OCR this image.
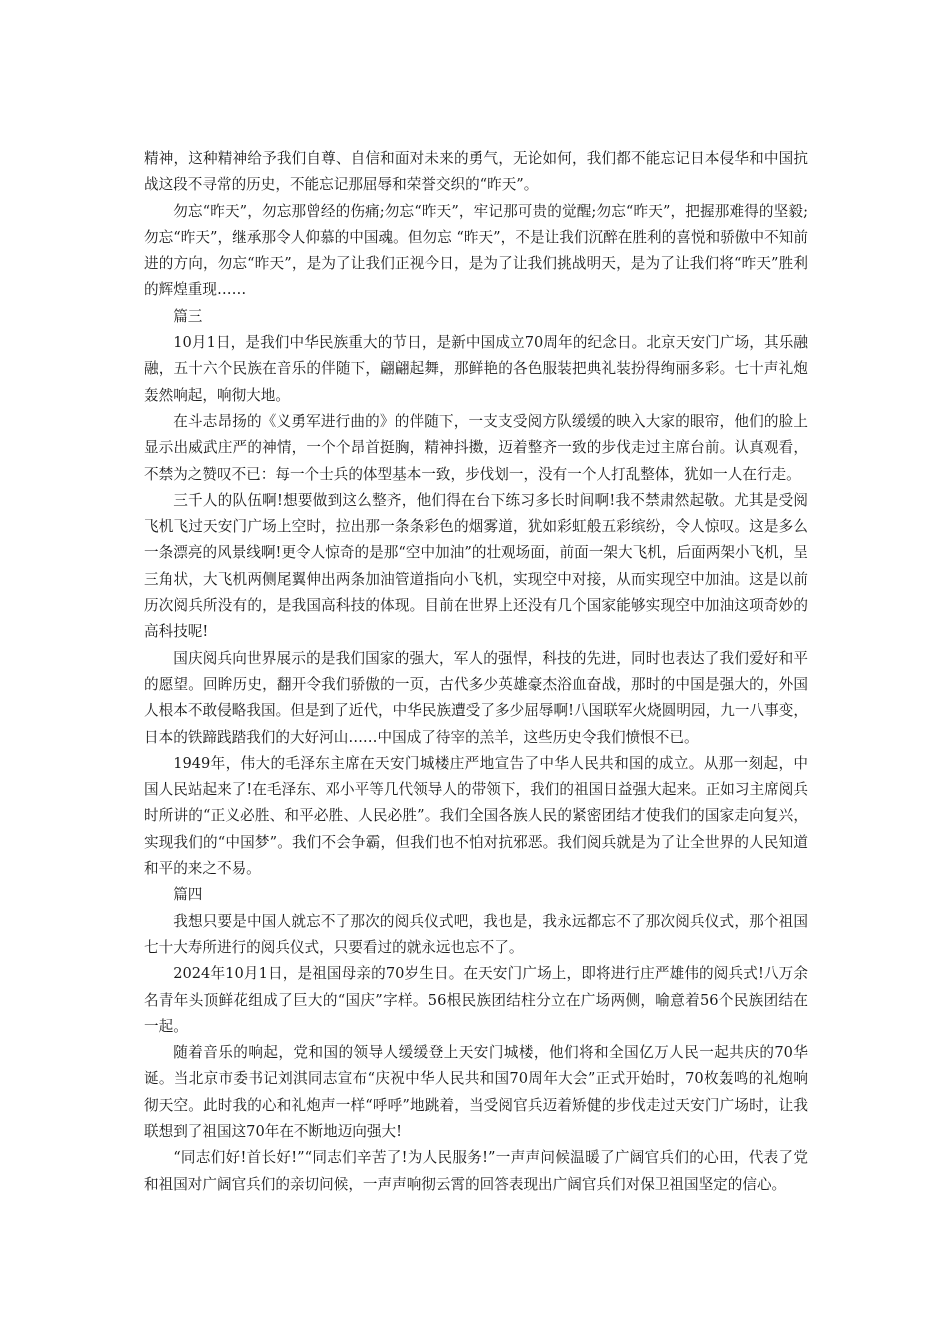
精神，这种精神给予我们自尊、自信和面对未来的勇气，无论如何，我们都不能忘记日本侵华和中国抗战这段不寻常的历史，不能忘记那屈辱和荣誉交织的“昨天”。

勿忘“昨天”，勿忘那曾经的伤痛;勿忘“昨天”，牢记那可贵的觉醒;勿忘“昨天”，把握那难得的坚毅;勿忘“昨天”，继承那令人仰慕的中国魂。但勿忘 “昨天”，不是让我们沉醉在胜利的喜悦和骄傲中不知前进的方向，勿忘“昨天”，是为了让我们正视今日，是为了让我们挑战明天，是为了让我们将“昨天”胜利 的辉煌重现……

篇三

10月1日，是我们中华民族重大的节日，是新中国成立70周年的纪念日。北京天安门广场，其乐融融，五十六个民族在音乐的伴随下，翩翩起舞，那鲜艳的各色服装把典礼装扮得绚丽多彩。七十声礼炮轰然响起，响彻大地。

在斗志昂扬的《义勇军进行曲的》的伴随下，一支支受阅方队缓缓的映入大家的眼帘，他们的脸上显示出威武庄严的神情，一个个昂首挺胸，精神抖擞，迈着整齐一致的步伐走过主席台前。认真观看，不禁为之赞叹不已：每一个士兵的体型基本一致，步伐划一，没有一个人打乱整体，犹如一人在行走。

三千人的队伍啊!想要做到这么整齐，他们得在台下练习多长时间啊!我不禁肃然起敬。尤其是受阅飞机飞过天安门广场上空时，拉出那一条条彩色的烟雾道，犹如彩虹般五彩缤纷，令人惊叹。这是多么一条漂亮的风景线啊!更令人惊奇的是那“空中加油”的壮观场面，前面一架大飞机，后面两架小飞机，呈三角状，大飞机两侧尾翼伸出两条加油管道指向小飞机，实现空中对接，从而实现空中加油。这是以前历次阅兵所没有的，是我国高科技的体现。目前在世界上还没有几个国家能够实现空中加油这项奇妙的高科技呢!

国庆阅兵向世界展示的是我们国家的强大，军人的强悍，科技的先进，同时也表达了我们爱好和平的愿望。回眸历史，翻开令我们骄傲的一页，古代多少英雄豪杰浴血奋战，那时的中国是强大的，外国人根本不敢侵略我国。但是到了近代，中华民族遭受了多少屈辱啊!八国联军火烧圆明园，九一八事变，日本的铁蹄践踏我们的大好河山……中国成了待宰的羔羊，这些历史令我们愤恨不已。

1949年，伟大的毛泽东主席在天安门城楼庄严地宣告了中华人民共和国的成立。从那一刻起，中国人民站起来了!在毛泽东、邓小平等几代领导人的带领下，我们的祖国日益强大起来。正如习主席阅兵时所讲的“正义必胜、和平必胜、人民必胜”。我们全国各族人民的紧密团结才使我们的国家走向复兴，实现我们的“中国梦”。我们不会争霸，但我们也不怕对抗邪恶。我们阅兵就是为了让全世界的人民知道和平的来之不易。

篇四

我想只要是中国人就忘不了那次的阅兵仪式吧，我也是，我永远都忘不了那次阅兵仪式，那个祖国七十大寿所进行的阅兵仪式，只要看过的就永远也忘不了。

2024年10月1日，是祖国母亲的70岁生日。在天安门广场上，即将进行庄严雄伟的阅兵式!八万余名青年头顶鲜花组成了巨大的“国庆”字样。56根民族团结柱分立在广场两侧，喻意着56个民族团结在一起。

随着音乐的响起，党和国的领导人缓缓登上天安门城楼，他们将和全国亿万人民一起共庆的70华诞。当北京市委书记刘淇同志宣布“庆祝中华人民共和国70周年大会”正式开始时，70枚轰鸣的礼炮响彻天空。此时我的心和礼炮声一样“呼呼”地跳着，当受阅官兵迈着矫健的步伐走过天安门广场时，让我联想到了祖国这70年在不断地迈向强大!

“同志们好!首长好!”“同志们辛苦了!为人民服务!”一声声问候温暖了广阔官兵们的心田，代表了党和祖国对广阔官兵们的亲切问候，一声声响彻云霄的回答表现出广阔官兵们对保卫祖国坚定的信心。
